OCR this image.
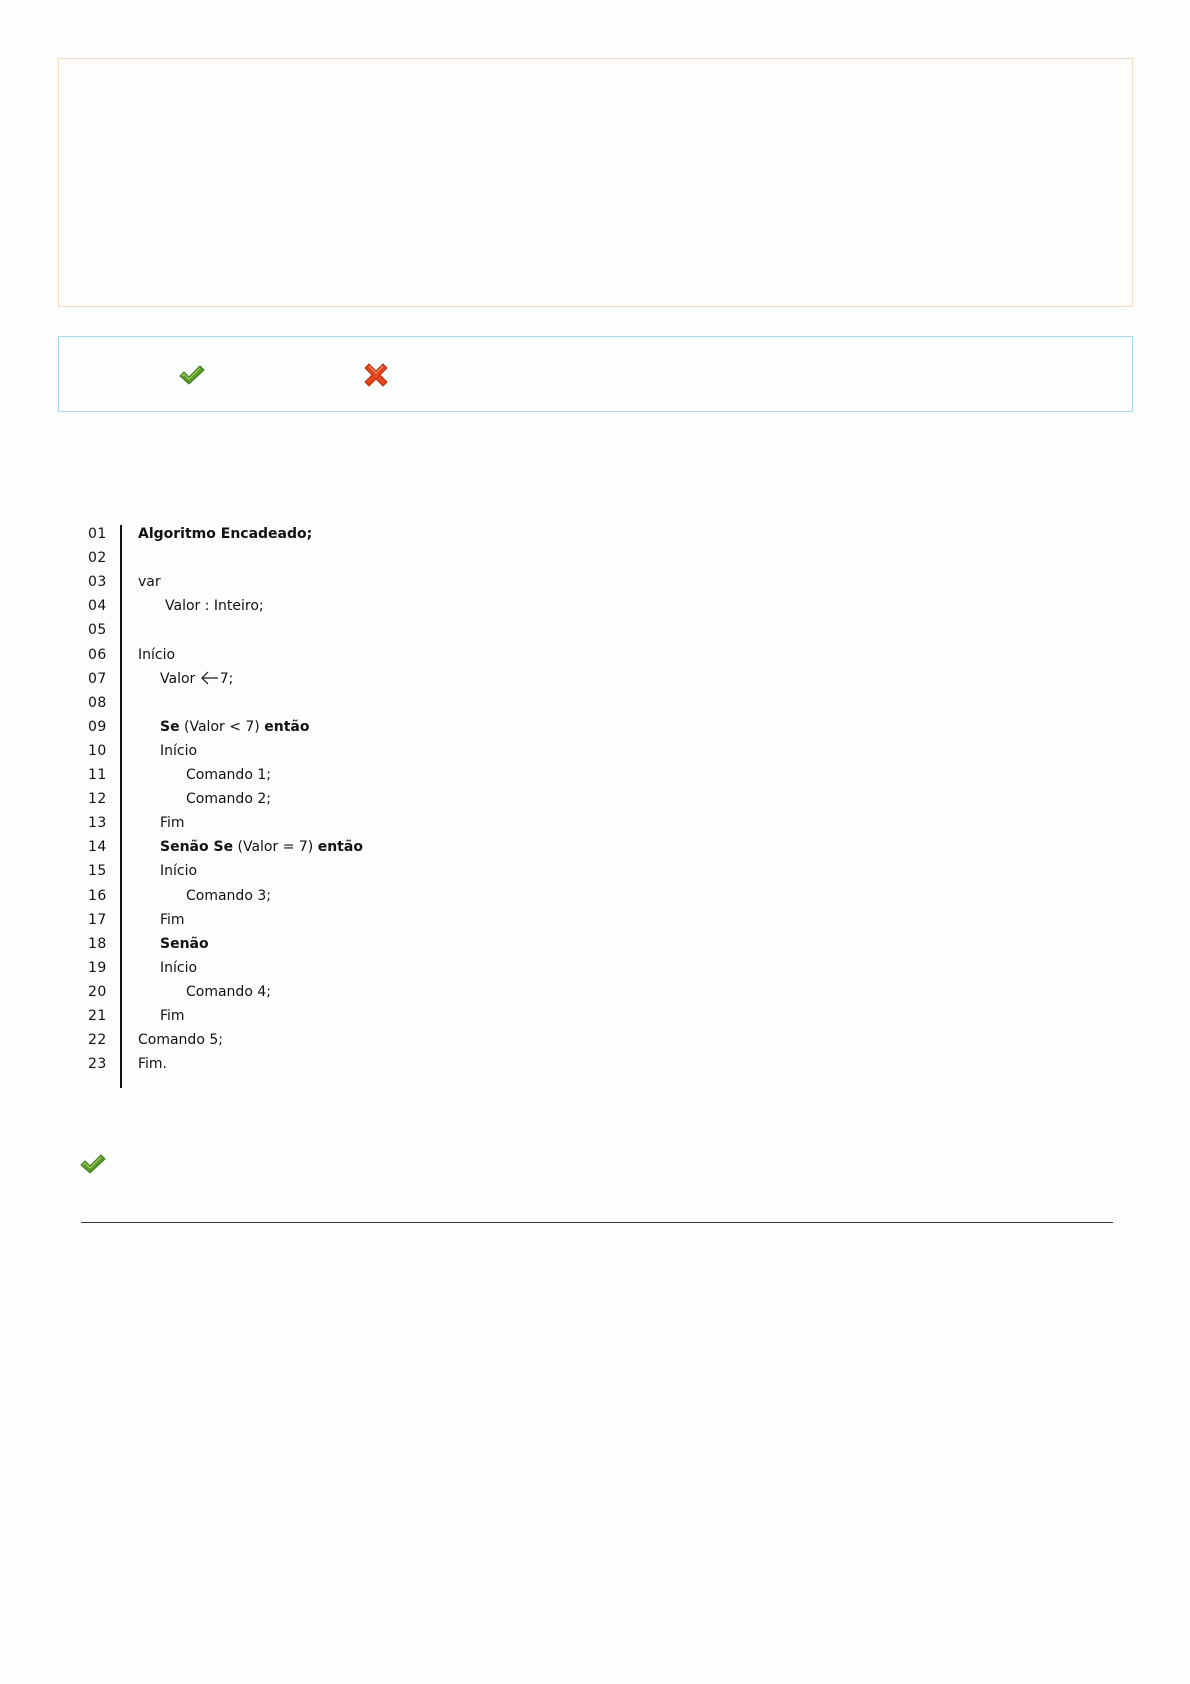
01
02
03
04
05
06
07
08
09
10
11
12
13
14
15
16
17
18
19
20
21
22
23
Algoritmo Encadeado;
var
Valor : Inteiro;
Início
Valor
7;
Se (Valor < 7) então
Início
Comando 1;
Comando 2;
Fim
Senão Se (Valor = 7) então
Início
Comando 3;
Fim
Senão
Início
Comando 4;
Fim
Comando 5;
Fim.
